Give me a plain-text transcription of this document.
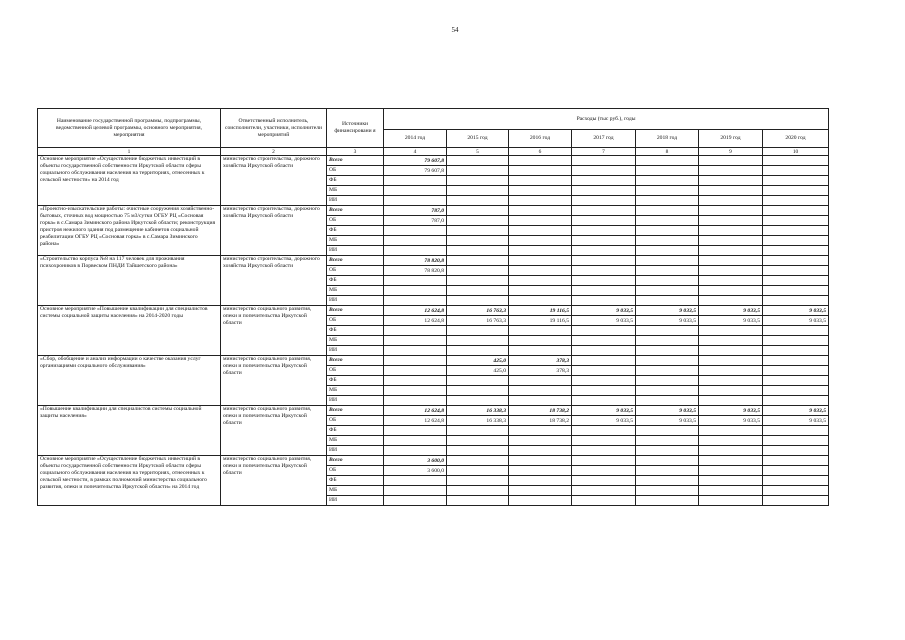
54
Наименование государственной программы, подпрограммы, ведомственной целевой программы, основного мероприятия, мероприятия	Ответственный исполнитель, соисполнители, участники, исполнители мероприятий	Источники финансировани я	Расходы (тыс руб.), годы						
			2014 год	2015 год	2016 год	2017 год	2018 год	2019 год	2020 год
1	2	3	4	5	6	7	8	9	10
Основное мероприятие «Осуществление бюджетных инвестиций в объекты государственной собственности Иркутской области сферы социального обслуживания населения на территориях, отнесенных к сельской местности» на 2014 год	министерство строительства, дорожного хозяйства Иркутской области	Всего	79 607,8						
		ОБ	79 607,8						
		ФБ							
		МБ							
		ИИ							
«Проектно-изыскательские работы: очистные сооружения хозяйственно-бытовых, сточных вод мощностью 75 м3/сутки ОГБУ РЦ «Сосновая горка» в с.Самара Зиминского района Иркутской области; реконструкция пристроя нежилого здания под размещение кабинетов социальной реабилитации ОГБУ РЦ «Сосновая горка» в с.Самара Зиминского района»	министерство строительства, дорожного хозяйства Иркутской области	Всего	787,0						
		ОБ	787,0						
		ФБ							
		МБ							
		ИИ							
«Строительство корпуса №8 на 117 человек для проживания психохроников в Порвеском ПНДИ Тайшетского района»	министерство строительства, дорожного хозяйства Иркутской области	Всего	78 820,8						
		ОБ	78 820,8						
		ФБ							
		МБ							
		ИИ							
Основное мероприятие «Повышение квалификации для специалистов системы социальной защиты населения» на 2014-2020 годы	министерство социального развития, опеки и попечительства Иркутской области	Всего	12 624,8	16 763,3	19 116,5	9 033,5	9 033,5	9 033,5	9 033,5
		ОБ	12 624,8	16 763,3	19 116,5	9 033,5	9 033,5	9 033,5	9 033,5
		ФБ							
		МБ							
		ИИ							
«Сбор, обобщение и анализ информации о качестве оказания услуг организациями социального обслуживания»	министерство социального развития, опеки и попечительства Иркутской области	Всего		425,0	378,3				
		ОБ		425,0	378,3				
		ФБ							
		МБ							
		ИИ							
«Повышение квалификации для специалистов системы социальной защиты населения»	министерство социального развития, опеки и попечительства Иркутской области	Всего	12 624,8	16 338,3	18 738,2	9 033,5	9 033,5	9 033,5	9 033,5
		ОБ	12 624,8	16 338,3	18 738,2	9 033,5	9 033,5	9 033,5	9 033,5
		ФБ							
		МБ							
		ИИ							
Основное мероприятие «Осуществление бюджетных инвестиций в объекты государственной собственности Иркутской области сферы социального обслуживания населения на территориях, отнесенных к сельской местности, в рамках полномочий министерства социального развития, опеки и попечительства Иркутской области» на 2014 год	министерство социального развития, опеки и попечительства Иркутской области	Всего	3 600,0						
		ОБ	3 600,0						
		ФБ							
		МБ							
		ИИ							
